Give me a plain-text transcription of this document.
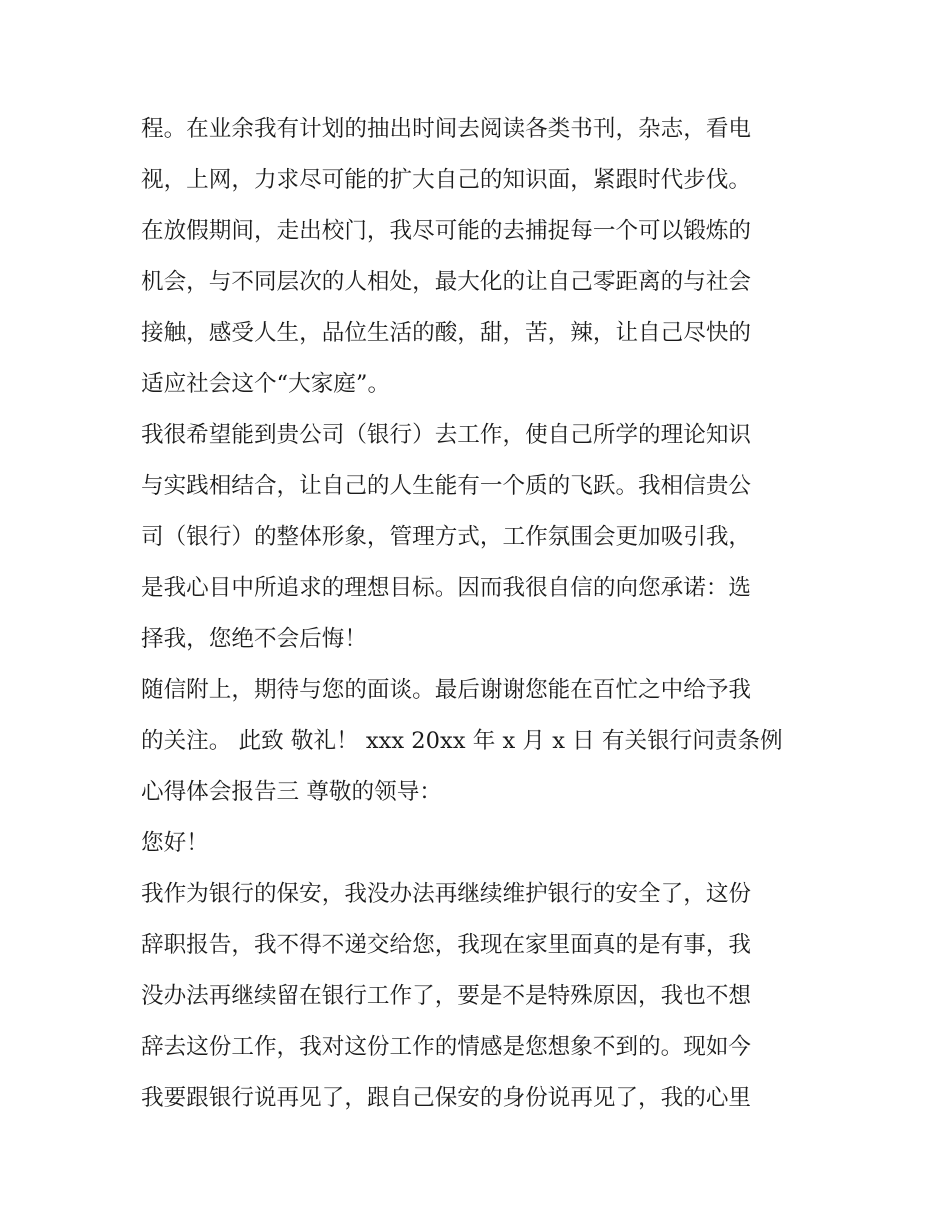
程。在业余我有计划的抽出时间去阅读各类书刊，杂志，看电
视，上网，力求尽可能的扩大自己的知识面，紧跟时代步伐。
在放假期间，走出校门，我尽可能的去捕捉每一个可以锻炼的
机会，与不同层次的人相处，最大化的让自己零距离的与社会
接触，感受人生，品位生活的酸，甜，苦，辣，让自己尽快的
适应社会这个“大家庭”。
我很希望能到贵公司（银行）去工作，使自己所学的理论知识
与实践相结合，让自己的人生能有一个质的飞跃。我相信贵公
司（银行）的整体形象，管理方式，工作氛围会更加吸引我，
是我心目中所追求的理想目标。因而我很自信的向您承诺：选
择我，您绝不会后悔！
随信附上，期待与您的面谈。最后谢谢您能在百忙之中给予我
的关注。 此致 敬礼！ xxx 20xx 年 x 月 x 日 有关银行问责条例
心得体会报告三 尊敬的领导：
您好！
我作为银行的保安，我没办法再继续维护银行的安全了，这份
辞职报告，我不得不递交给您，我现在家里面真的是有事，我
没办法再继续留在银行工作了，要是不是特殊原因，我也不想
辞去这份工作，我对这份工作的情感是您想象不到的。现如今
我要跟银行说再见了，跟自己保安的身份说再见了，我的心里
